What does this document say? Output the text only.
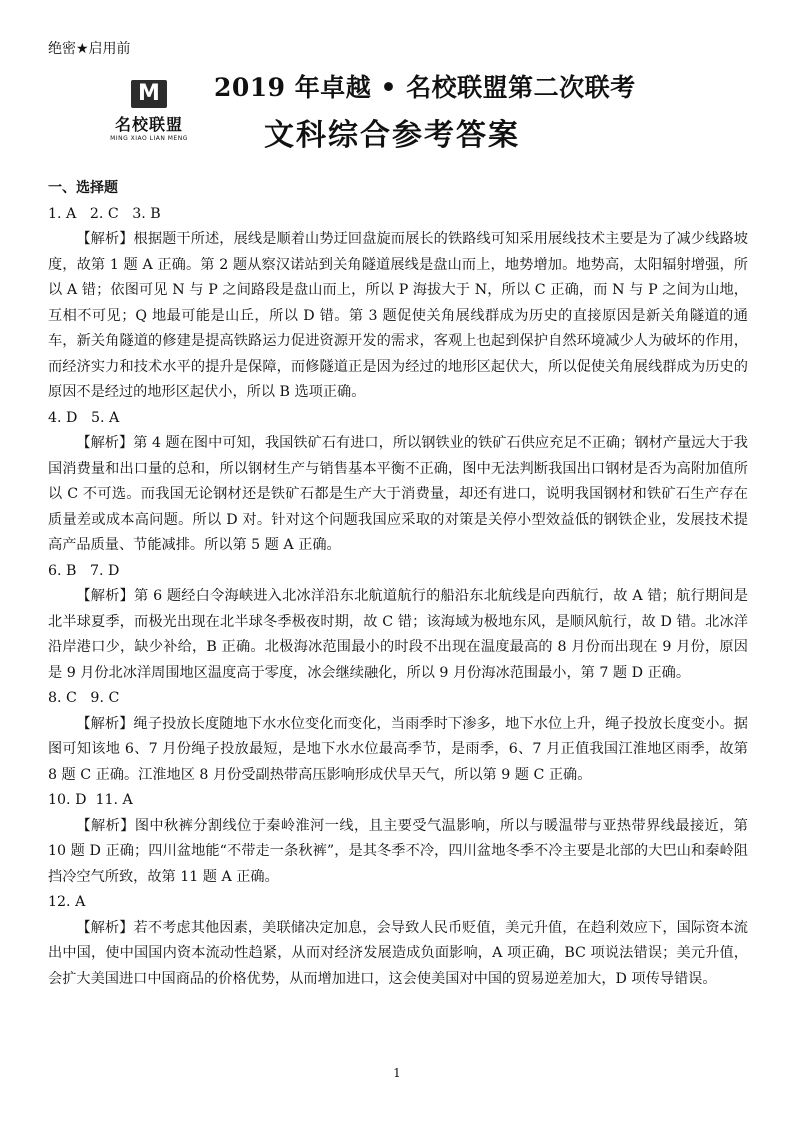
绝密★启用前
M
名校联盟
MING XIAO LIAN MENG
2019 年卓越 • 名校联盟第二次联考
文科综合参考答案
一、选择题
1. A   2. C   3. B

【解析】根据题干所述，展线是顺着山势迂回盘旋而展长的铁路线可知采用展线技术主要是为了减少线路坡度，故第 1 题 A 正确。第 2 题从察汉诺站到关角隧道展线是盘山而上，地势增加。地势高，太阳辐射增强，所以 A 错；依图可见 N 与 P 之间路段是盘山而上，所以 P 海拔大于 N，所以 C 正确，而 N 与 P 之间为山地，互相不可见；Q 地最可能是山丘，所以 D 错。第 3 题促使关角展线群成为历史的直接原因是新关角隧道的通车，新关角隧道的修建是提高铁路运力促进资源开发的需求，客观上也起到保护自然环境减少人为破坏的作用，而经济实力和技术水平的提升是保障，而修隧道正是因为经过的地形区起伏大，所以促使关角展线群成为历史的原因不是经过的地形区起伏小，所以 B 选项正确。

4. D   5. A

【解析】第 4 题在图中可知，我国铁矿石有进口，所以钢铁业的铁矿石供应充足不正确；钢材产量远大于我国消费量和出口量的总和，所以钢材生产与销售基本平衡不正确，图中无法判断我国出口钢材是否为高附加值所以 C 不可选。而我国无论钢材还是铁矿石都是生产大于消费量，却还有进口，说明我国钢材和铁矿石生产存在质量差或成本高问题。所以 D 对。针对这个问题我国应采取的对策是关停小型效益低的钢铁企业，发展技术提高产品质量、节能减排。所以第 5 题 A 正确。

6. B   7. D

【解析】第 6 题经白令海峡进入北冰洋沿东北航道航行的船沿东北航线是向西航行，故 A 错；航行期间是北半球夏季，而极光出现在北半球冬季极夜时期，故 C 错；该海域为极地东风，是顺风航行，故 D 错。北冰洋沿岸港口少，缺少补给，B 正确。北极海冰范围最小的时段不出现在温度最高的 8 月份而出现在 9 月份，原因是 9 月份北冰洋周围地区温度高于零度，冰会继续融化，所以 9 月份海冰范围最小，第 7 题 D 正确。

8. C   9. C

【解析】绳子投放长度随地下水水位变化而变化，当雨季时下渗多，地下水位上升，绳子投放长度变小。据图可知该地 6、7 月份绳子投放最短，是地下水水位最高季节，是雨季，6、7 月正值我国江淮地区雨季，故第 8 题 C 正确。江淮地区 8 月份受副热带高压影响形成伏旱天气，所以第 9 题 C 正确。

10. D  11. A

【解析】图中秋裤分割线位于秦岭淮河一线，且主要受气温影响，所以与暖温带与亚热带界线最接近，第 10 题 D 正确；四川盆地能“不带走一条秋裤”，是其冬季不冷，四川盆地冬季不冷主要是北部的大巴山和秦岭阻挡冷空气所致，故第 11 题 A 正确。

12. A

【解析】若不考虑其他因素，美联储决定加息，会导致人民币贬值，美元升值，在趋利效应下，国际资本流出中国，使中国国内资本流动性趋紧，从而对经济发展造成负面影响，A 项正确，BC 项说法错误；美元升值，会扩大美国进口中国商品的价格优势，从而增加进口，这会使美国对中国的贸易逆差加大，D 项传导错误。

1
